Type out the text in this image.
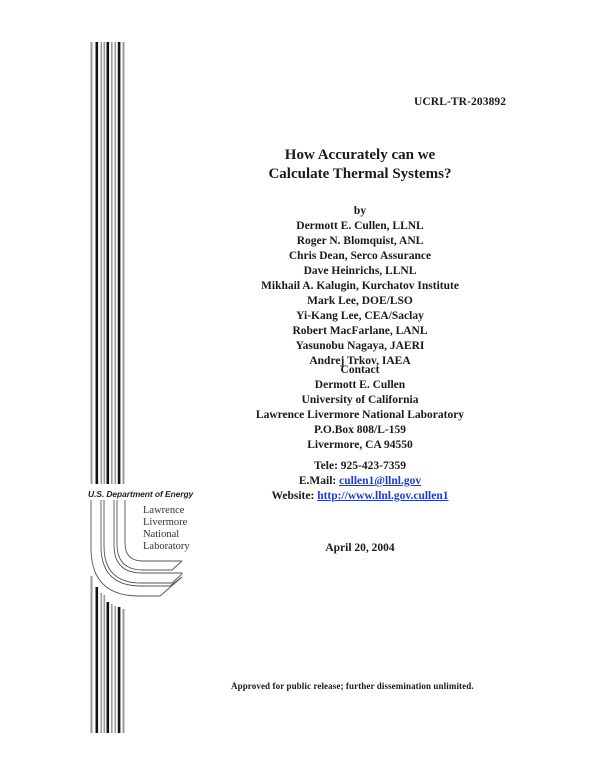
U.S. Department of Energy
Lawrence
Livermore
National
Laboratory
UCRL-TR-203892
How Accurately can we
Calculate Thermal Systems?
by
Dermott E. Cullen, LLNL
Roger N. Blomquist, ANL
Chris Dean, Serco Assurance
Dave Heinrichs, LLNL
Mikhail A. Kalugin, Kurchatov Institute
Mark Lee, DOE/LSO
Yi-Kang Lee, CEA/Saclay
Robert MacFarlane, LANL
Yasunobu Nagaya, JAERI
Andrej Trkov, IAEA
Contact
Dermott E. Cullen
University of California
Lawrence Livermore National Laboratory
P.O.Box 808/L-159
Livermore, CA 94550
Tele: 925-423-7359
E.Mail: cullen1@llnl.gov
Website: http://www.llnl.gov.cullen1
April 20, 2004
Approved for public release; further dissemination unlimited.
